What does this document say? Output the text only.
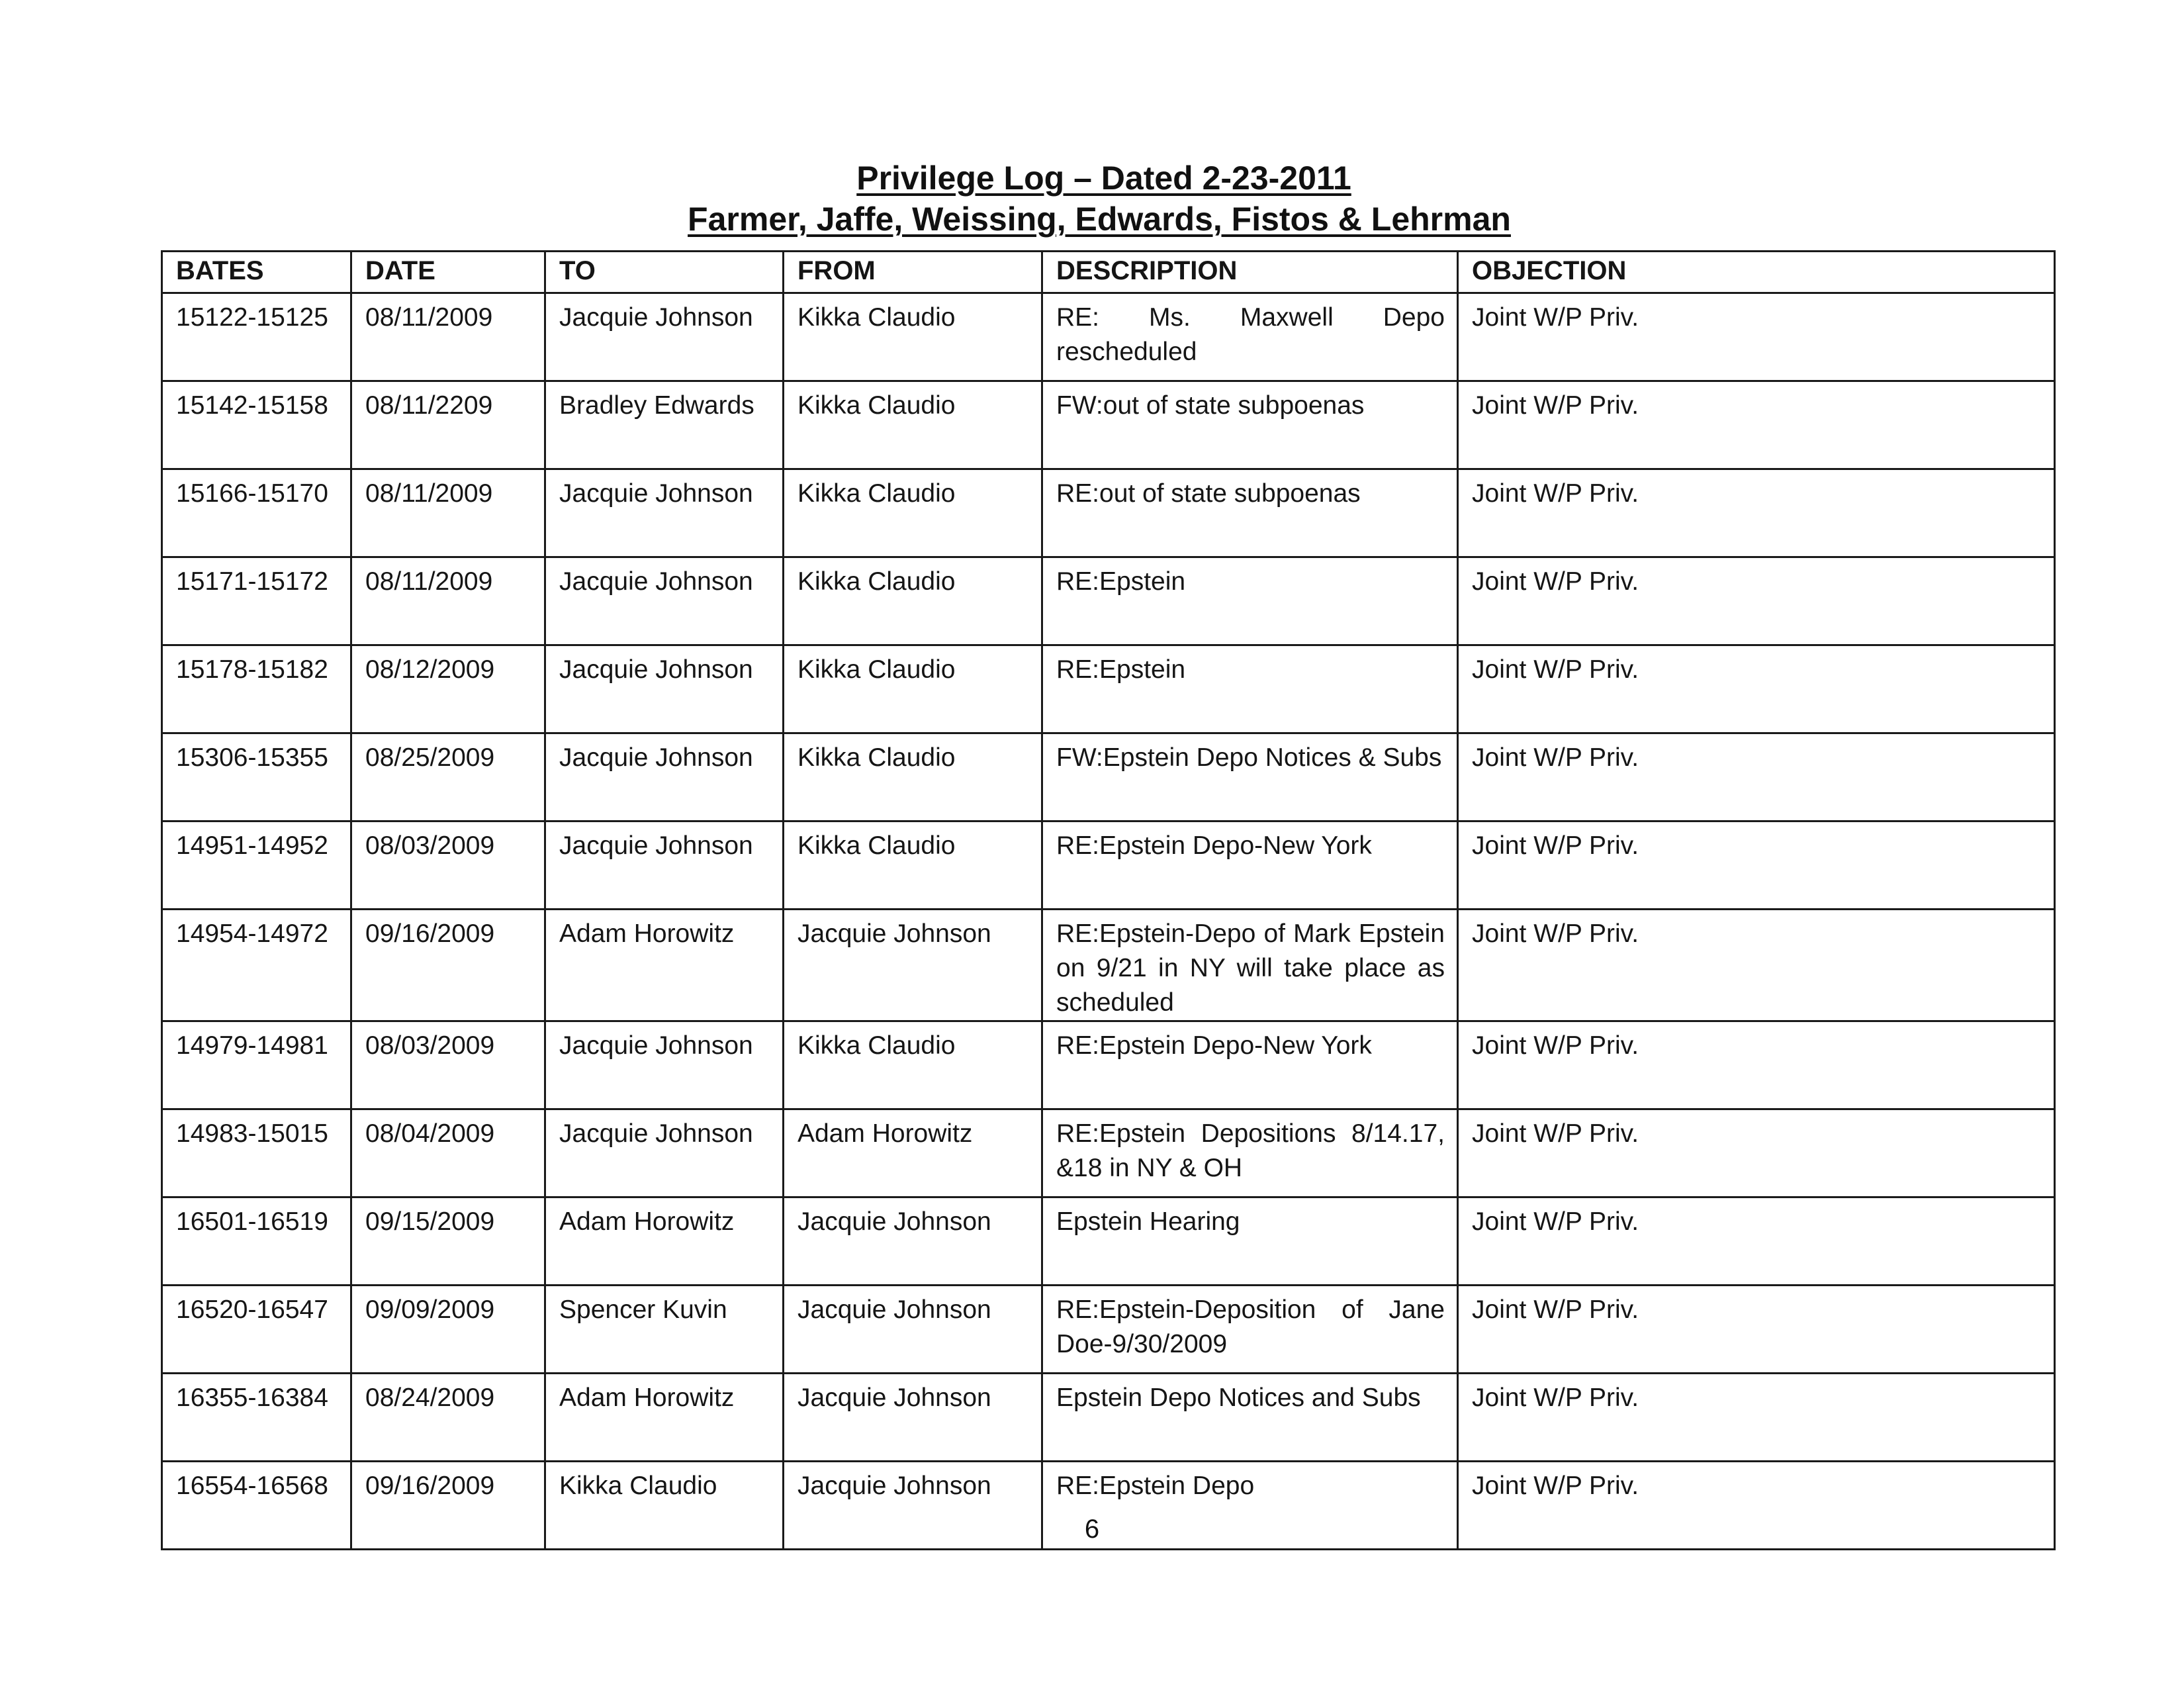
Privilege Log – Dated 2-23-2011
Farmer, Jaffe, Weissing, Edwards, Fistos & Lehrman
BATES	DATE	TO	FROM	DESCRIPTION	OBJECTION
15122-15125	08/11/2009	Jacquie Johnson	Kikka Claudio	RE: Ms. Maxwell Depo rescheduled	Joint W/P Priv.
15142-15158	08/11/2209	Bradley Edwards	Kikka Claudio	FW:out of state subpoenas	Joint W/P Priv.
15166-15170	08/11/2009	Jacquie Johnson	Kikka Claudio	RE:out of state subpoenas	Joint W/P Priv.
15171-15172	08/11/2009	Jacquie Johnson	Kikka Claudio	RE:Epstein	Joint W/P Priv.
15178-15182	08/12/2009	Jacquie Johnson	Kikka Claudio	RE:Epstein	Joint W/P Priv.
15306-15355	08/25/2009	Jacquie Johnson	Kikka Claudio	FW:Epstein Depo Notices & Subs	Joint W/P Priv.
14951-14952	08/03/2009	Jacquie Johnson	Kikka Claudio	RE:Epstein Depo-New York	Joint W/P Priv.
14954-14972	09/16/2009	Adam Horowitz	Jacquie Johnson	RE:Epstein-Depo of Mark Epstein on 9/21 in NY will take place as scheduled	Joint W/P Priv.
14979-14981	08/03/2009	Jacquie Johnson	Kikka Claudio	RE:Epstein Depo-New York	Joint W/P Priv.
14983-15015	08/04/2009	Jacquie Johnson	Adam Horowitz	RE:Epstein Depositions 8/14.17, &18 in NY & OH	Joint W/P Priv.
16501-16519	09/15/2009	Adam Horowitz	Jacquie Johnson	Epstein Hearing	Joint W/P Priv.
16520-16547	09/09/2009	Spencer Kuvin	Jacquie Johnson	RE:Epstein-Deposition of Jane Doe-9/30/2009	Joint W/P Priv.
16355-16384	08/24/2009	Adam Horowitz	Jacquie Johnson	Epstein Depo Notices and Subs	Joint W/P Priv.
16554-16568	09/16/2009	Kikka Claudio	Jacquie Johnson	RE:Epstein Depo	Joint W/P Priv.
6
